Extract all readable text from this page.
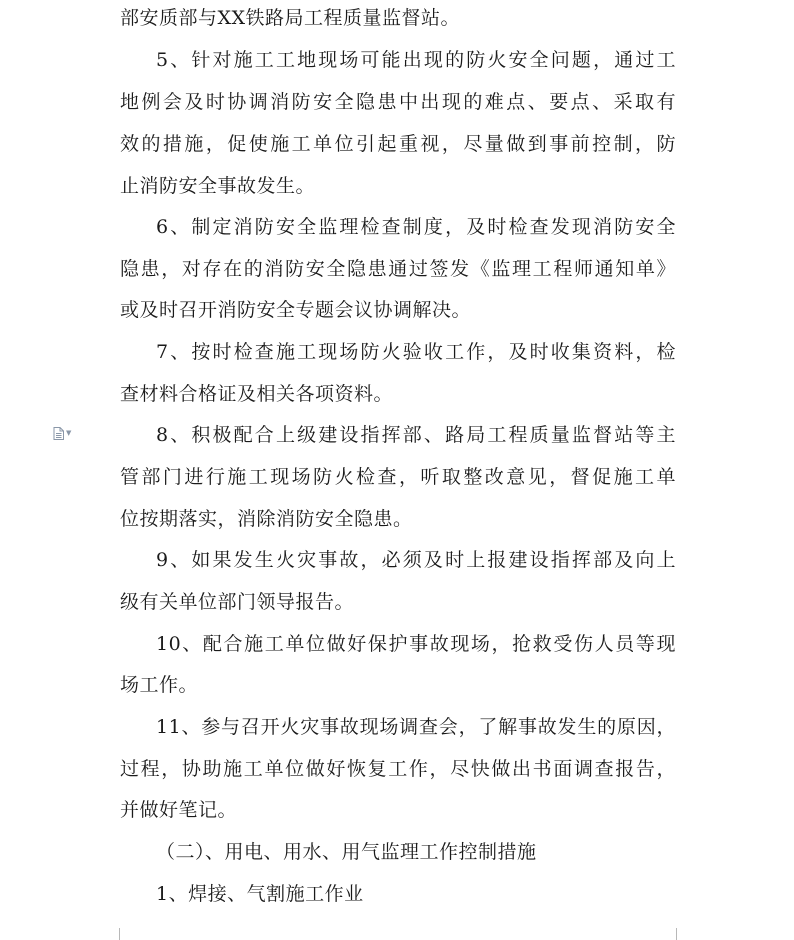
部安质部与XX铁路局工程质量监督站。
5、针对施工工地现场可能出现的防火安全问题，通过工
地例会及时协调消防安全隐患中出现的难点、要点、采取有
效的措施，促使施工单位引起重视，尽量做到事前控制，防
止消防安全事故发生。
6、制定消防安全监理检查制度，及时检查发现消防安全
隐患，对存在的消防安全隐患通过签发《监理工程师通知单》
或及时召开消防安全专题会议协调解决。
7、按时检查施工现场防火验收工作，及时收集资料，检
查材料合格证及相关各项资料。
▼	8、积极配合上级建设指挥部、路局工程质量监督站等主
管部门进行施工现场防火检查，听取整改意见，督促施工单
位按期落实，消除消防安全隐患。
9、如果发生火灾事故，必须及时上报建设指挥部及向上
级有关单位部门领导报告。
10、配合施工单位做好保护事故现场，抢救受伤人员等现
场工作。
11、参与召开火灾事故现场调查会，了解事故发生的原因，
过程，协助施工单位做好恢复工作，尽快做出书面调查报告，
并做好笔记。
（二）、用电、用水、用气监理工作控制措施
1、焊接、气割施工作业
